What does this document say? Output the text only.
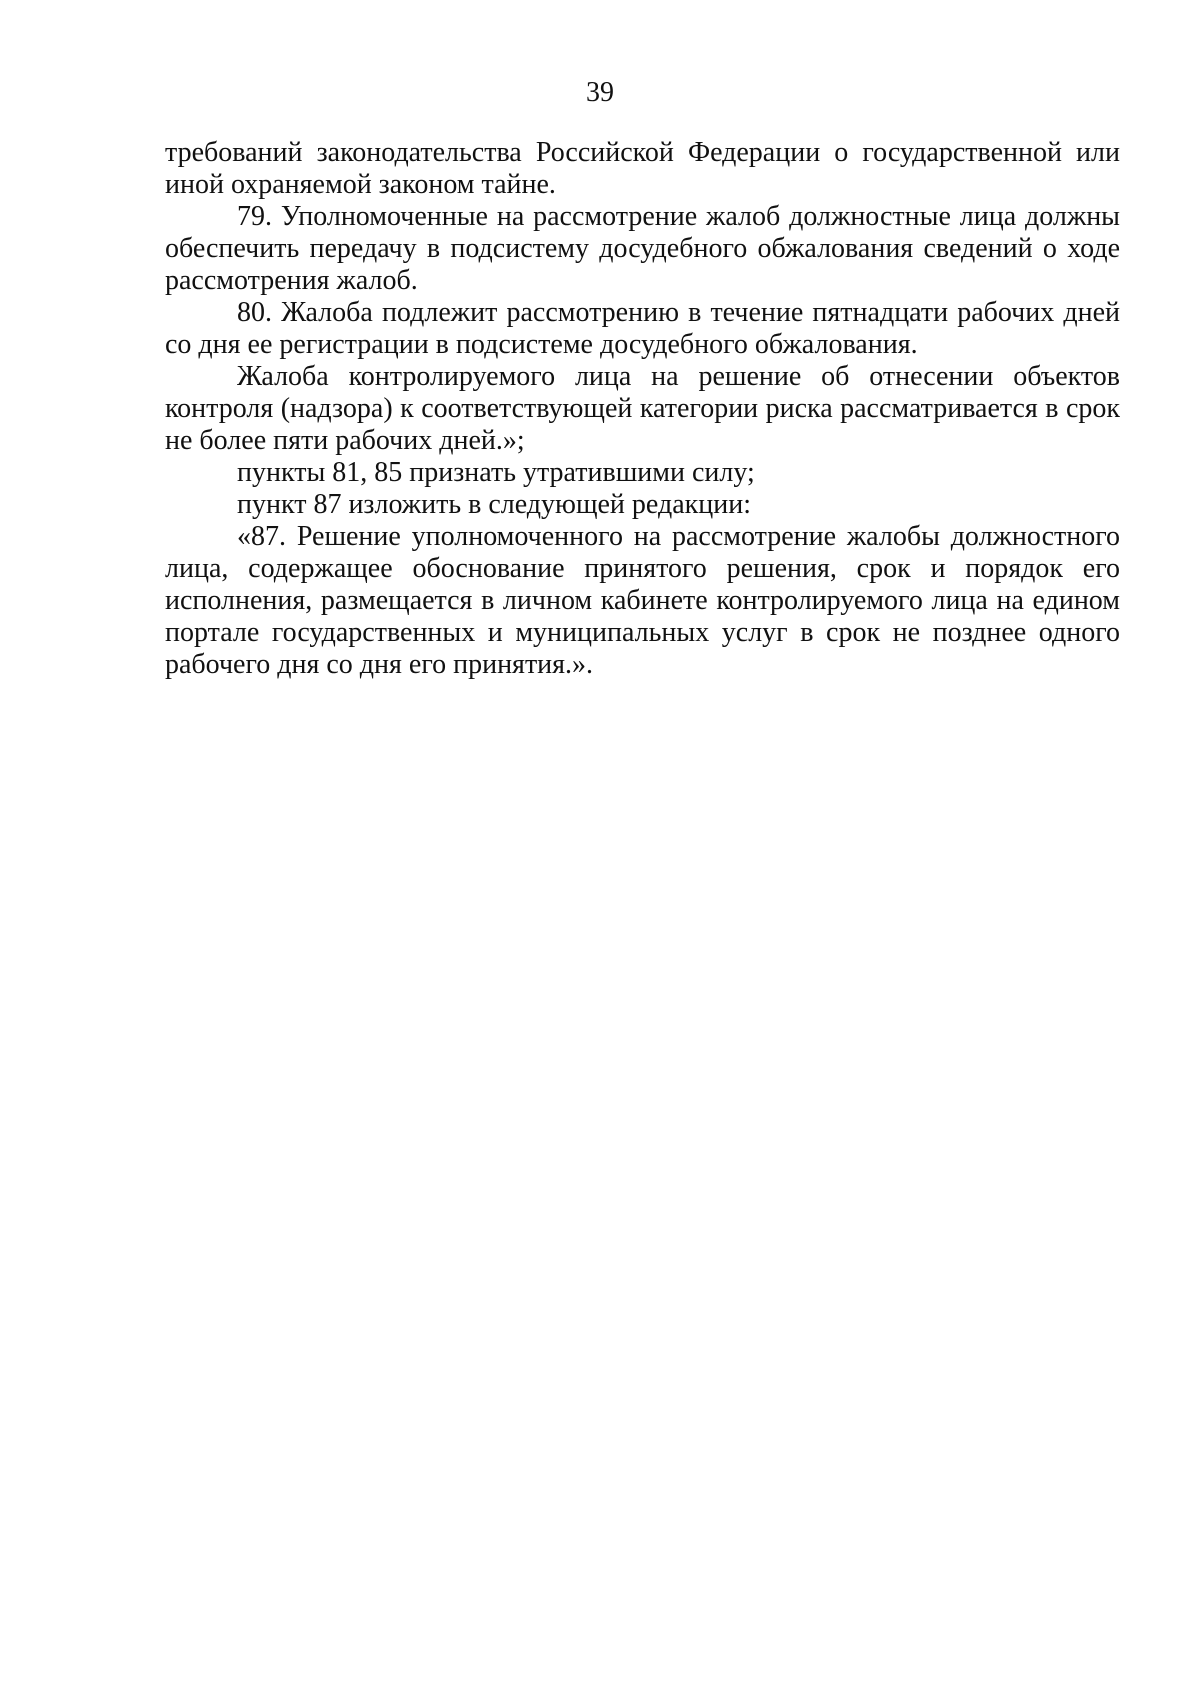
39

требований законодательства Российской Федерации о государственной или иной охраняемой законом тайне.

79. Уполномоченные на рассмотрение жалоб должностные лица должны обеспечить передачу в подсистему досудебного обжалования сведений о ходе рассмотрения жалоб.

80. Жалоба подлежит рассмотрению в течение пятнадцати рабочих дней со дня ее регистрации в подсистеме досудебного обжалования.

Жалоба контролируемого лица на решение об отнесении объектов контроля (надзора) к соответствующей категории риска рассматривается в срок не более пяти рабочих дней.»;

пункты 81, 85 признать утратившими силу;

пункт 87 изложить в следующей редакции:

«87. Решение уполномоченного на рассмотрение жалобы должностного лица, содержащее обоснование принятого решения, срок и порядок его исполнения, размещается в личном кабинете контролируемого лица на едином портале государственных и муниципальных услуг в срок не позднее одного рабочего дня со дня его принятия.».
